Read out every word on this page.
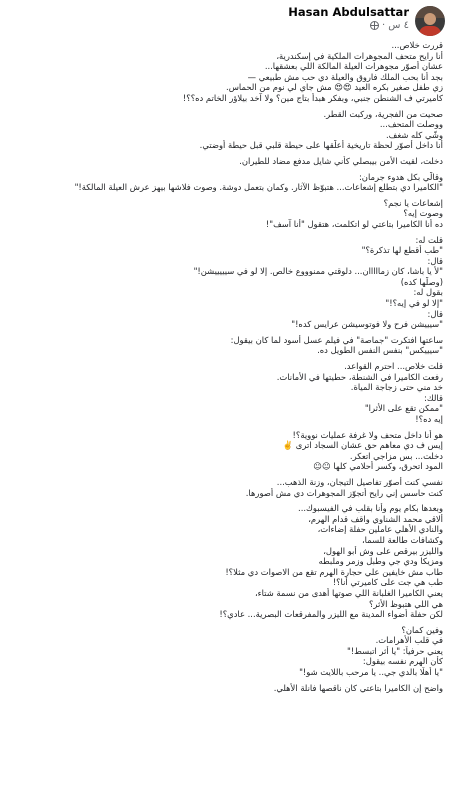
Hasan Abdulsattar
٤ س
·
قررت خلاص...
أنا رايح متحف المجوهرات الملكية في إسكندرية،
عشان أصوّر مجوهرات العيلة المالكة اللي بعشقها...
بجد أنا بحب الملك فاروق والعيلة دي حب مش طبيعي —
زي طفل صغير بكره العيد 😍😍 مش جاي لي نوم من الحماس.
كاميرتي ف الشنطن جنبي، وبفكر هبدأ بتاج مين؟ ولا آخد بيلاؤر الخاتم ده؟؟!
صحيت من الفجرية، وركبت القطر.
ووصلت المتحف...
وشّي كله شغف.
أنا داخل أصوّر لحظة تاريخية أعلّقها على حيطة قلبي قبل حيطة أوضتي.
دخلت، لقيت الأمن بيبصلي كأني شايل مدفع مضاد للطيران.
وقالّي بكل هدوء جرمان:
"الكاميرا دي بتطلع إشعاعات... هتبوّظ الآثار. وكمان بتعمل دوشة. وصوت فلاشها بيهز عرش العيلة المالكة!"
إشعاعات يا نجم؟
وصوت إيه؟
ده أنا الكاميرا بتاعتي لو اتكلمت، هتقول "أنا آسف"!
قلت له:
"طب أقطع لها تذكرة؟"
قال:
"لأ يا باشا، كان زمااااان... دلوقتي ممنوووع خالص. إلا لو في سيييييشن!"
(وصلّها كده)
بقول له:
"إلا لو في إيه؟!"
قال:
"سيييشن فرح ولا فوتوسيشن عرايس كده!"
ساعتها افتكرت "جماصة" في فيلم عسل أسود لما كان بيقول:
"سيييكس" بنفس النفس الطويل ده.
قلت خلاص... احترم القواعد.
رفعت الكاميرا في الشنطة، حطيتها في الأمانات.
خد مني حتى زجاجة المياة.
قالك:
"ممكن تقع على الأثرا"
إيه ده؟!
هو أنا داخل متحف ولا غرفة عمليات نووية؟!
إيس ف دي معاهم حق عشان السجاد اترى ✌️
دخلت... بس مزاجي اتعكر.
المود اتحرق، وكسر أحلامي كلها 😐😐
نفسي كنت أصوّر تفاصيل التيجان، وزنة الذهب...
كنت حاسس إني رايح أتجوّز المجوهرات دي مش أصورها.
وبعدها بكام يوم وأنا بقلب في الفيسبوك...
ألاقي محمد الشناوي واقف قدام الهرم،
والنادي الأهلي عاملين حفلة إضاءات،
وكشافات طالعة للسما،
والليزر بيرقص على وش أبو الهول،
ومزيكا ودي جي وطبل وزمر وملبطه
طاب مش خايفين علي حجارة الهرم تقع من الاصوات دي مثلا؟!
طب هي جت على كاميرتي أنا؟!
يعني الكاميرا الغلبانة اللي صوتها أهدى من نسمة شتاء،
هي اللي هتبوظ الأثر؟
لكن حفلة أضواء المدينة مع الليزر والمفرقعات البصرية... عادي؟!
وفين كمان؟
في قلب الأهرامات.
يعني حرفياً: "يا أثر اتبسط!"
كأن الهرم نفسه بيقول:
"يا أهلًا بالدي جي.. يا مرحب باللايت شو!"
واضح إن الكاميرا بتاعتي كان ناقصها فانلة الأهلي.
